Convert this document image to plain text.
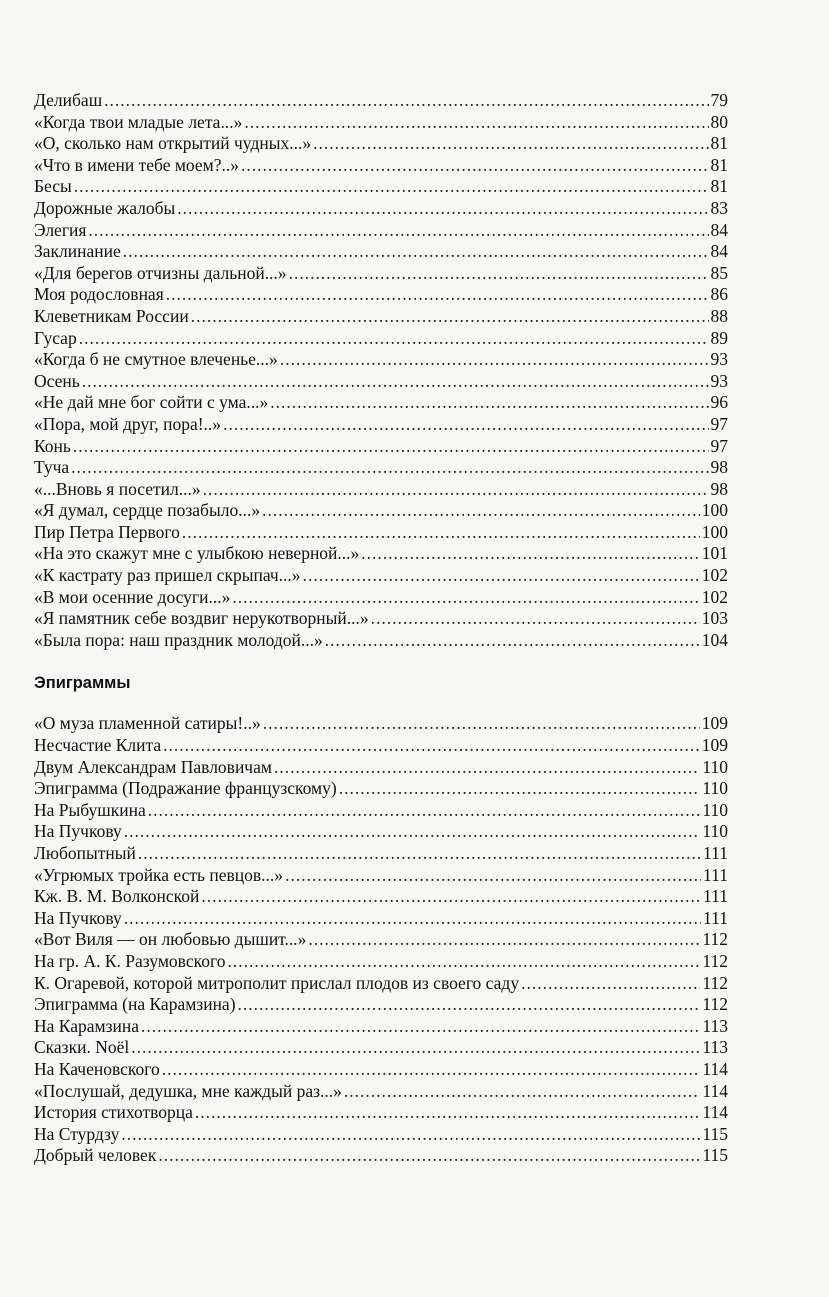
Делибаш .....	79
«Когда твои младые лета...» .....	80
«О, сколько нам открытий чудных...» .....	81
«Что в имени тебе моем?..» .....	81
Бесы .....	81
Дорожные жалобы .....	83
Элегия .....	84
Заклинание .....	84
«Для берегов отчизны дальной...» .....	85
Моя родословная .....	86
Клеветникам России .....	88
Гусар .....	89
«Когда б не смутное влеченье...» .....	93
Осень .....	93
«Не дай мне бог сойти с ума...» .....	96
«Пора, мой друг, пора!..» .....	97
Конь .....	97
Туча .....	98
«...Вновь я посетил...» .....	98
«Я думал, сердце позабыло...» .....	100
Пир Петра Первого .....	100
«На это скажут мне с улыбкою неверной...» .....	101
«К кастрату раз пришел скрыпач...» .....	102
«В мои осенние досуги...» .....	102
«Я памятник себе воздвиг нерукотворный...» .....	103
«Была пора: наш праздник молодой...» .....	104
Эпиграммы
«О муза пламенной сатиры!..» .....	109
Несчастие Клита .....	109
Двум Александрам Павловичам .....	110
Эпиграмма (Подражание французскому) .....	110
На Рыбушкина .....	110
На Пучкову .....	110
Любопытный .....	111
«Угрюмых тройка есть певцов...» .....	111
Кж. В. М. Волконской .....	111
На Пучкову .....	111
«Вот Виля — он любовью дышит...» .....	112
На гр. А. К. Разумовского .....	112
К. Огаревой, которой митрополит прислал плодов из своего саду .....	112
Эпиграмма (на Карамзина) .....	112
На Карамзина .....	113
Сказки. Noël .....	113
На Каченовского .....	114
«Послушай, дедушка, мне каждый раз...» .....	114
История стихотворца .....	114
На Стурдзу .....	115
Добрый человек .....	115
